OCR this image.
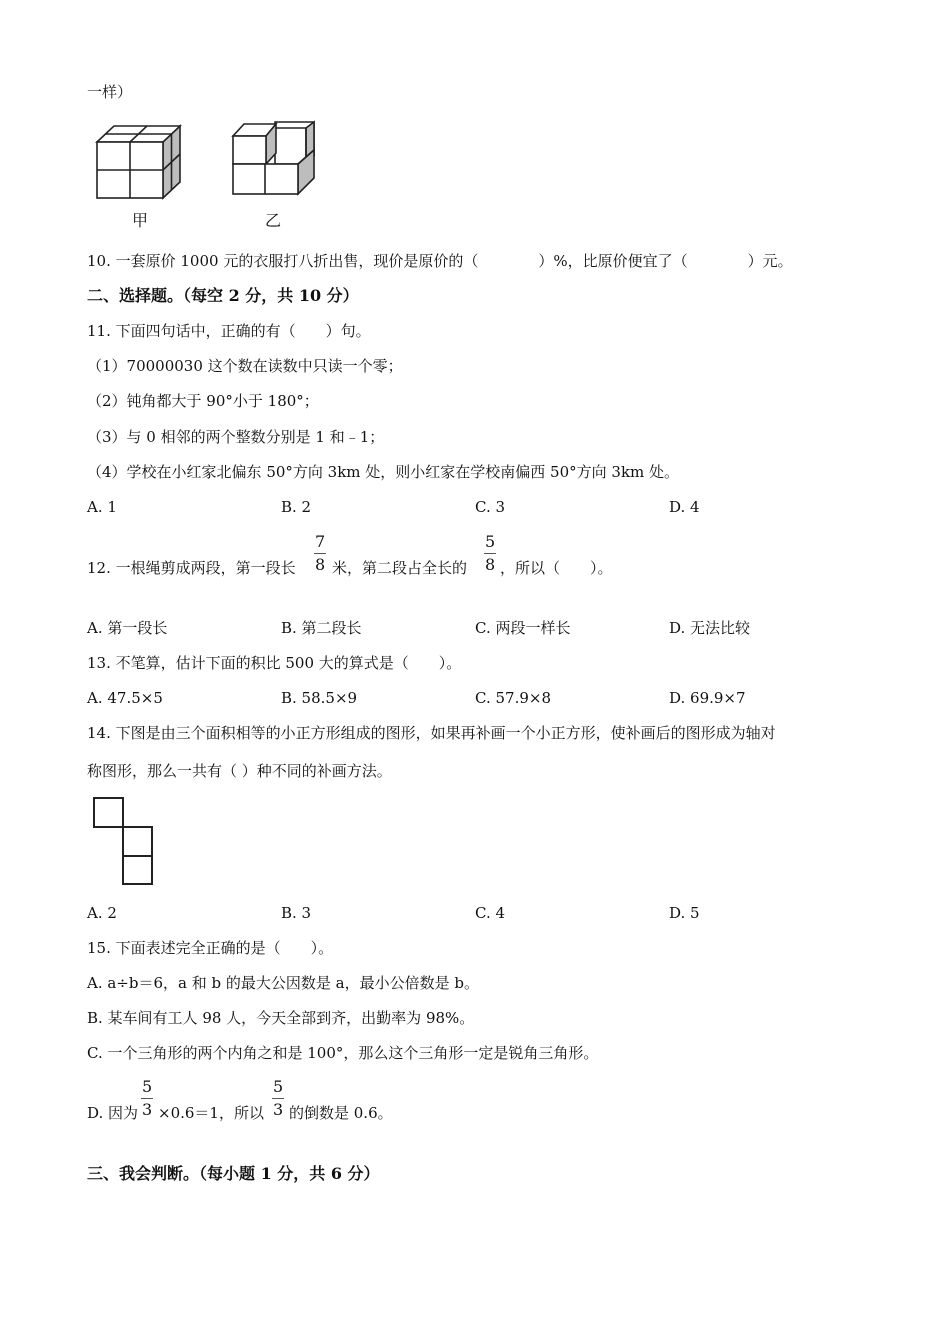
一样）
甲	乙
10. 一套原价 1000 元的衣服打八折出售，现价是原价的（　　　　）%，比原价便宜了（　　　　）元。
二、选择题。（每空 2 分，共 10 分）
11. 下面四句话中，正确的有（　　）句。
（1）70000030 这个数在读数中只读一个零；
（2）钝角都大于 90°小于 180°；
（3）与 0 相邻的两个整数分别是 1 和﹣1；
（4）学校在小红家北偏东 50°方向 3km 处，则小红家在学校南偏西 50°方向 3km 处。
A. 1	B. 2	C. 3	D. 4
12. 一根绳剪成两段，第一段长 $\frac{7}{8}$ 米，第二段占全长的 $\frac{5}{8}$ ，所以（　　）。
A. 第一段长	B. 第二段长	C. 两段一样长	D. 无法比较
13. 不笔算，估计下面的积比 500 大的算式是（　　）。
A. 47.5×5	B. 58.5×9	C. 57.9×8	D. 69.9×7
14. 下图是由三个面积相等的小正方形组成的图形，如果再补画一个小正方形，使补画后的图形成为轴对
称图形，那么一共有（ ）种不同的补画方法。
A. 2	B. 3	C. 4	D. 5
15. 下面表述完全正确的是（　　）。
A. a÷b＝6，a 和 b 的最大公因数是 a，最小公倍数是 b。
B. 某车间有工人 98 人，今天全部到齐，出勤率为 98%。
C. 一个三角形的两个内角之和是 100°，那么这个三角形一定是锐角三角形。
D. 因为 $\frac{5}{3} \times 0.6=1$，所以 $\frac{5}{3}$ 的倒数是 0.6。
三、我会判断。（每小题 1 分，共 6 分）
